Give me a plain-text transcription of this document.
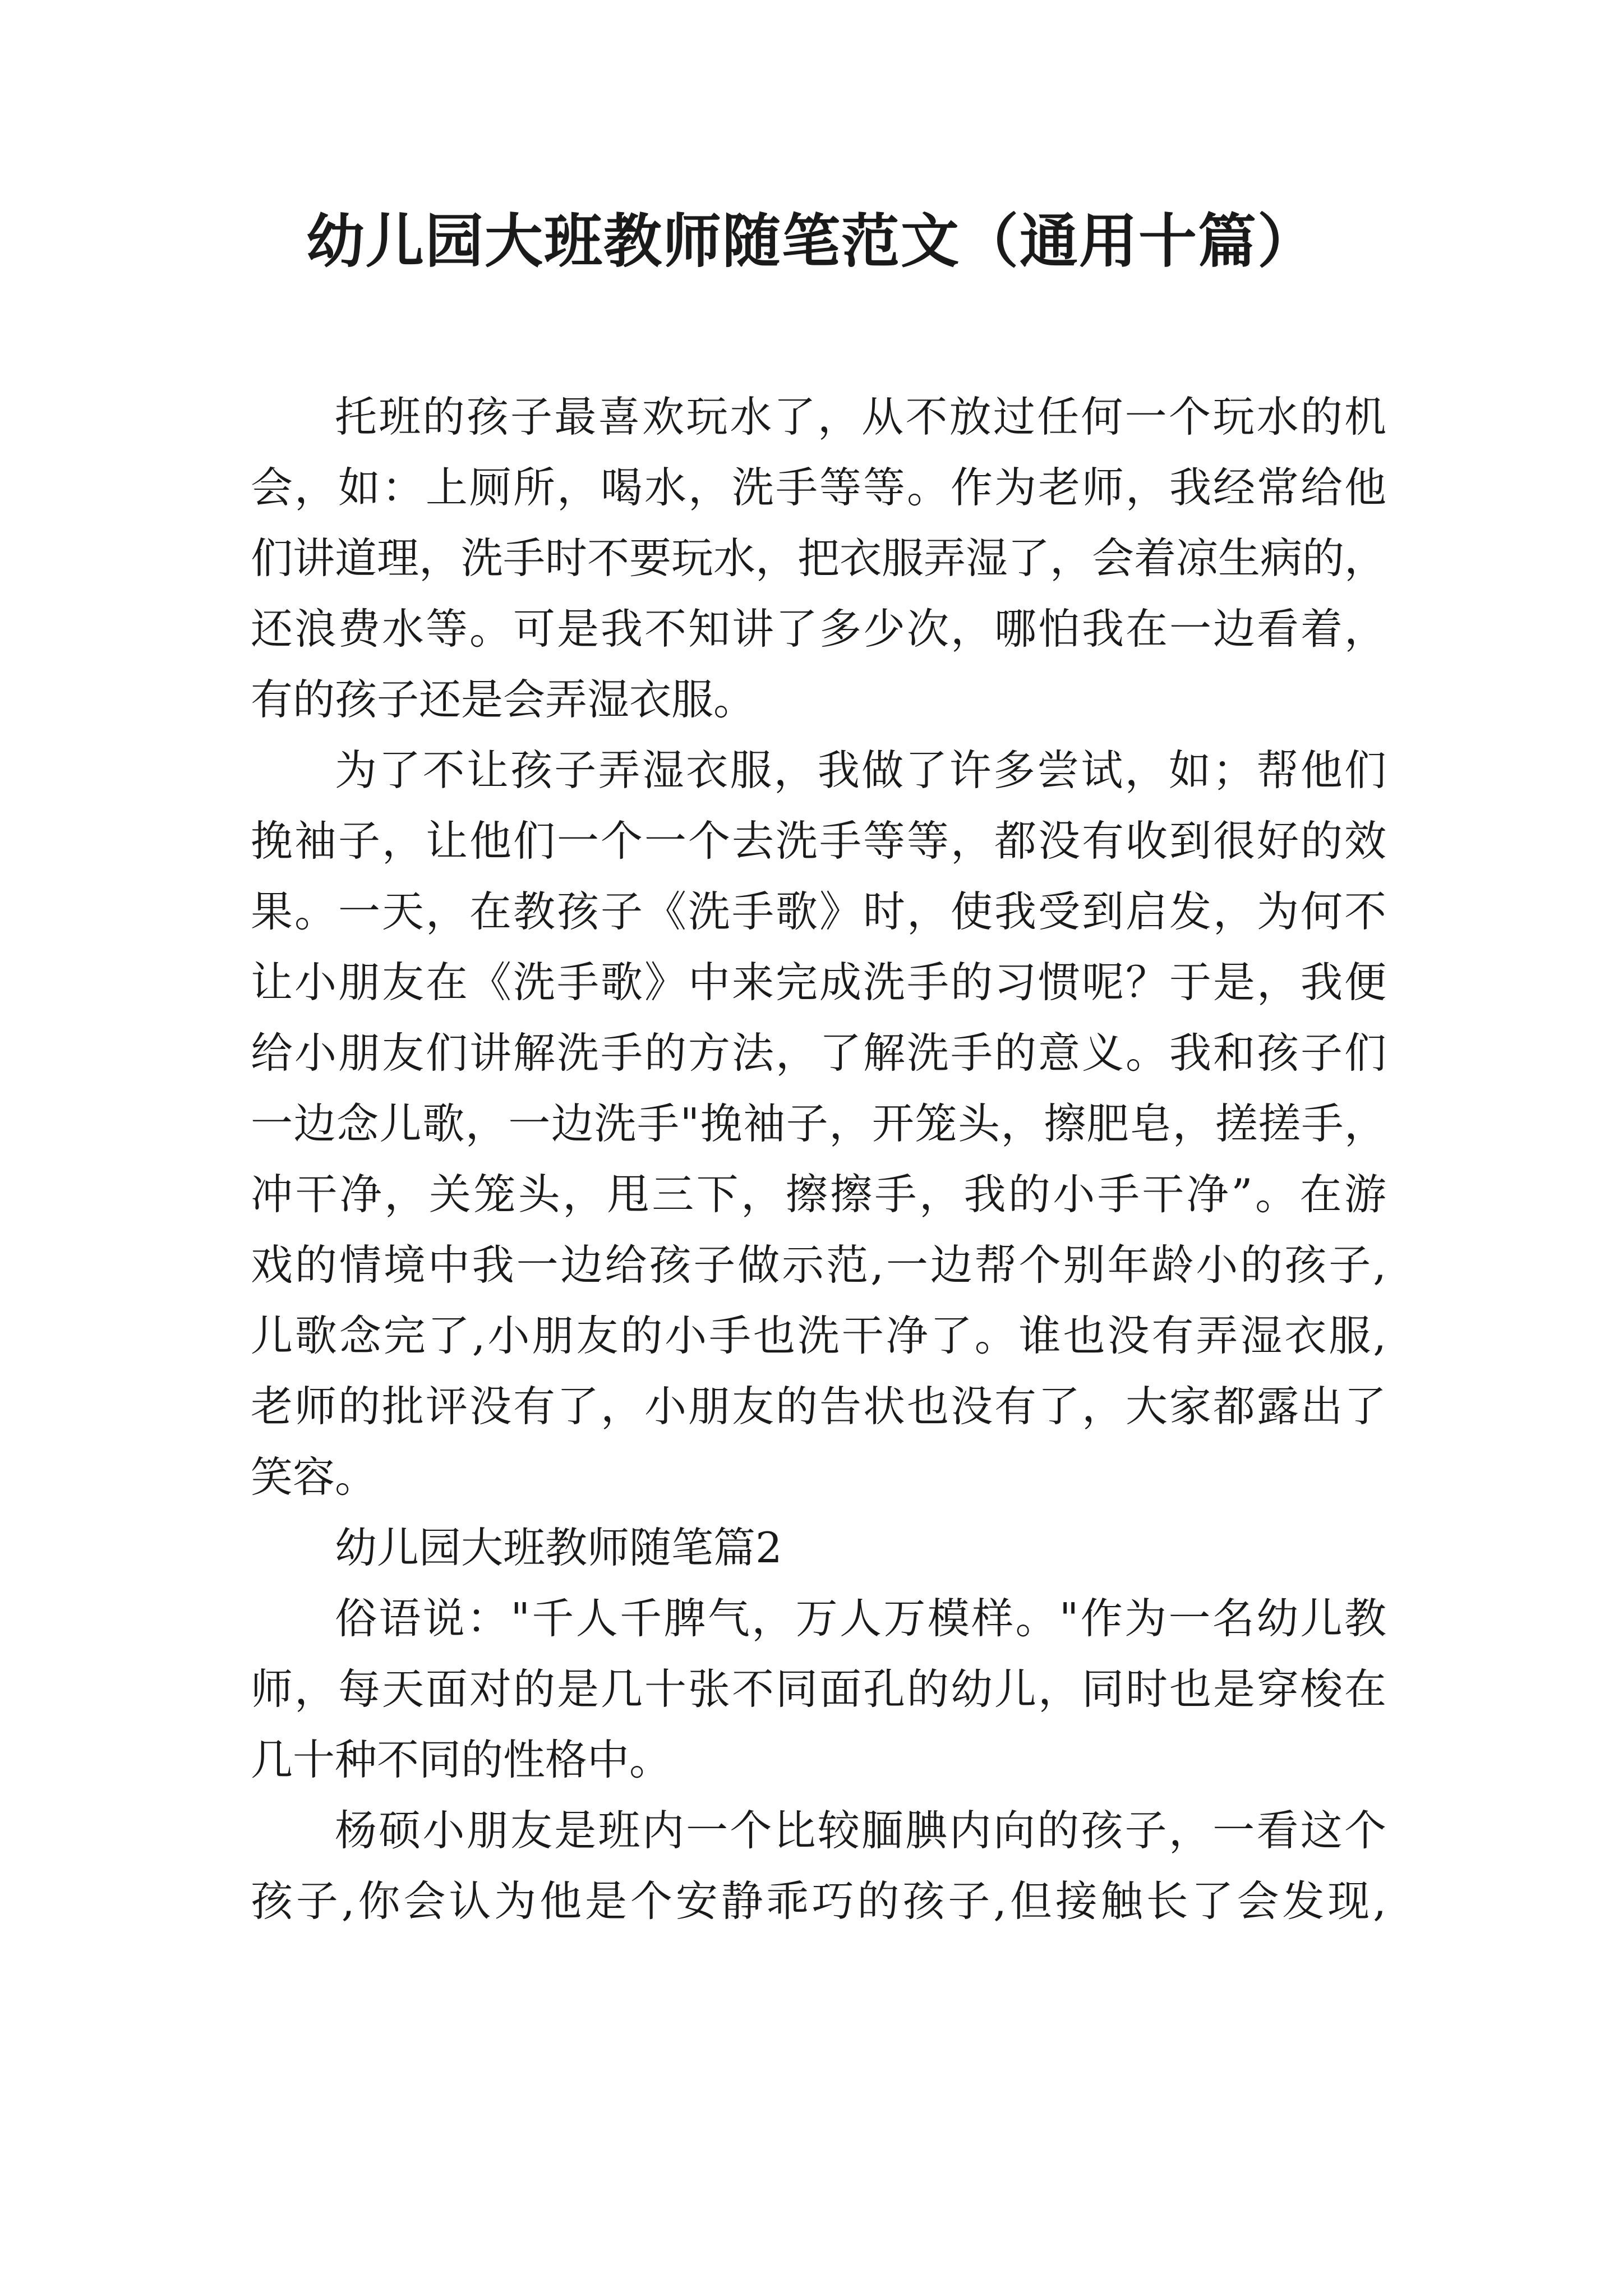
幼儿园大班教师随笔范文（通用十篇）

托班的孩子最喜欢玩水了，从不放过任何一个玩水的机
会，如：上厕所，喝水，洗手等等。作为老师，我经常给他
们讲道理，洗手时不要玩水，把衣服弄湿了，会着凉生病的，
还浪费水等。可是我不知讲了多少次，哪怕我在一边看着，
有的孩子还是会弄湿衣服。

为了不让孩子弄湿衣服，我做了许多尝试，如；帮他们
挽袖子，让他们一个一个去洗手等等，都没有收到很好的效
果。一天，在教孩子《洗手歌》时，使我受到启发，为何不
让小朋友在《洗手歌》中来完成洗手的习惯呢？于是，我便
给小朋友们讲解洗手的方法，了解洗手的意义。我和孩子们
一边念儿歌，一边洗手"挽袖子，开笼头，擦肥皂，搓搓手，
冲干净，关笼头，甩三下，擦擦手，我的小手干净”。在游
戏的情境中我一边给孩子做示范,一边帮个别年龄小的孩子,
儿歌念完了,小朋友的小手也洗干净了。谁也没有弄湿衣服,
老师的批评没有了，小朋友的告状也没有了，大家都露出了
笑容。

幼儿园大班教师随笔篇2

俗语说："千人千脾气，万人万模样。"作为一名幼儿教
师，每天面对的是几十张不同面孔的幼儿，同时也是穿梭在
几十种不同的性格中。

杨硕小朋友是班内一个比较腼腆内向的孩子，一看这个
孩子,你会认为他是个安静乖巧的孩子,但接触长了会发现,
